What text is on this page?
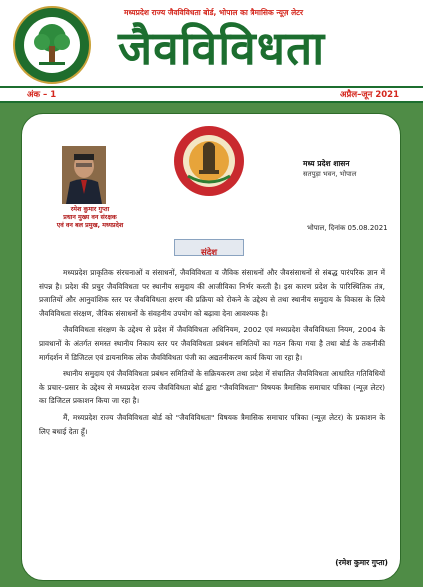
मध्यप्रदेश राज्य जैवविविधता बोर्ड, भोपाल का त्रैमासिक न्यूज़ लेटर
जैवविविधता
अंक – 1	अप्रैल–जून 2021
रमेश कुमार गुप्ता
प्रधान मुख्य वन संरक्षक
एवं वन बल प्रमुख, मध्यप्रदेश
मध्य प्रदेश शासन
सतपुड़ा भवन, भोपाल
भोपाल, दिनांक 05.08.2021
संदेश

मध्यप्रदेश प्राकृतिक संरचनाओं व संसाधनों, जैवविविधता व जैविक संसाधनों और जैवसंसाधनों से संबद्ध पारंपरिक ज्ञान में संपन्न है। प्रदेश की प्रचुर जैवविविधता पर स्थानीय समुदाय की आजीविका निर्भर करती है। इस कारण प्रदेश के पारिस्थितिक तंत्र, प्रजातियों और आनुवांशिक स्तर पर जैवविविधता क्षरण की प्रक्रिया को रोकने के उद्देश्य से तथा स्थानीय समुदाय के विकास के लिये जैवविविधता संरक्षण, जैविक संसाधनों के संवहनीय उपयोग को बढ़ावा देना आवश्यक है।

जैवविविधता संरक्षण के उद्देश्य से प्रदेश में जैवविविधता अधिनियम, 2002 एवं मध्यप्रदेश जैवविविधता नियम, 2004 के प्रावधानों के अंतर्गत समस्त स्थानीय निकाय स्तर पर जैवविविधता प्रबंधन समितियों का गठन किया गया है तथा बोर्ड के तकनीकी मार्गदर्शन में डिजिटल एवं डायनामिक लोक जैवविविधता पंजी का अद्यतनीकरण कार्य किया जा रहा है।

स्थानीय समुदाय एवं जैवविविधता प्रबंधन समितियों के सक्रियकरण तथा प्रदेश में संचालित जैवविविधता आधारित गतिविधियों के प्रचार–प्रसार के उद्देश्य से मध्यप्रदेश राज्य जैवविविधता बोर्ड द्वारा "जैवविविधता" विषयक त्रैमासिक समाचार पत्रिका (न्यूज़ लेटर) का डिजिटल प्रकाशन किया जा रहा है।

मैं, मध्यप्रदेश राज्य जैवविविधता बोर्ड को "जैवविविधता" विषयक त्रैमासिक समाचार पत्रिका (न्यूज़ लेटर) के प्रकाशन के लिए बधाई देता हूँ।

(रमेश कुमार गुप्ता)
